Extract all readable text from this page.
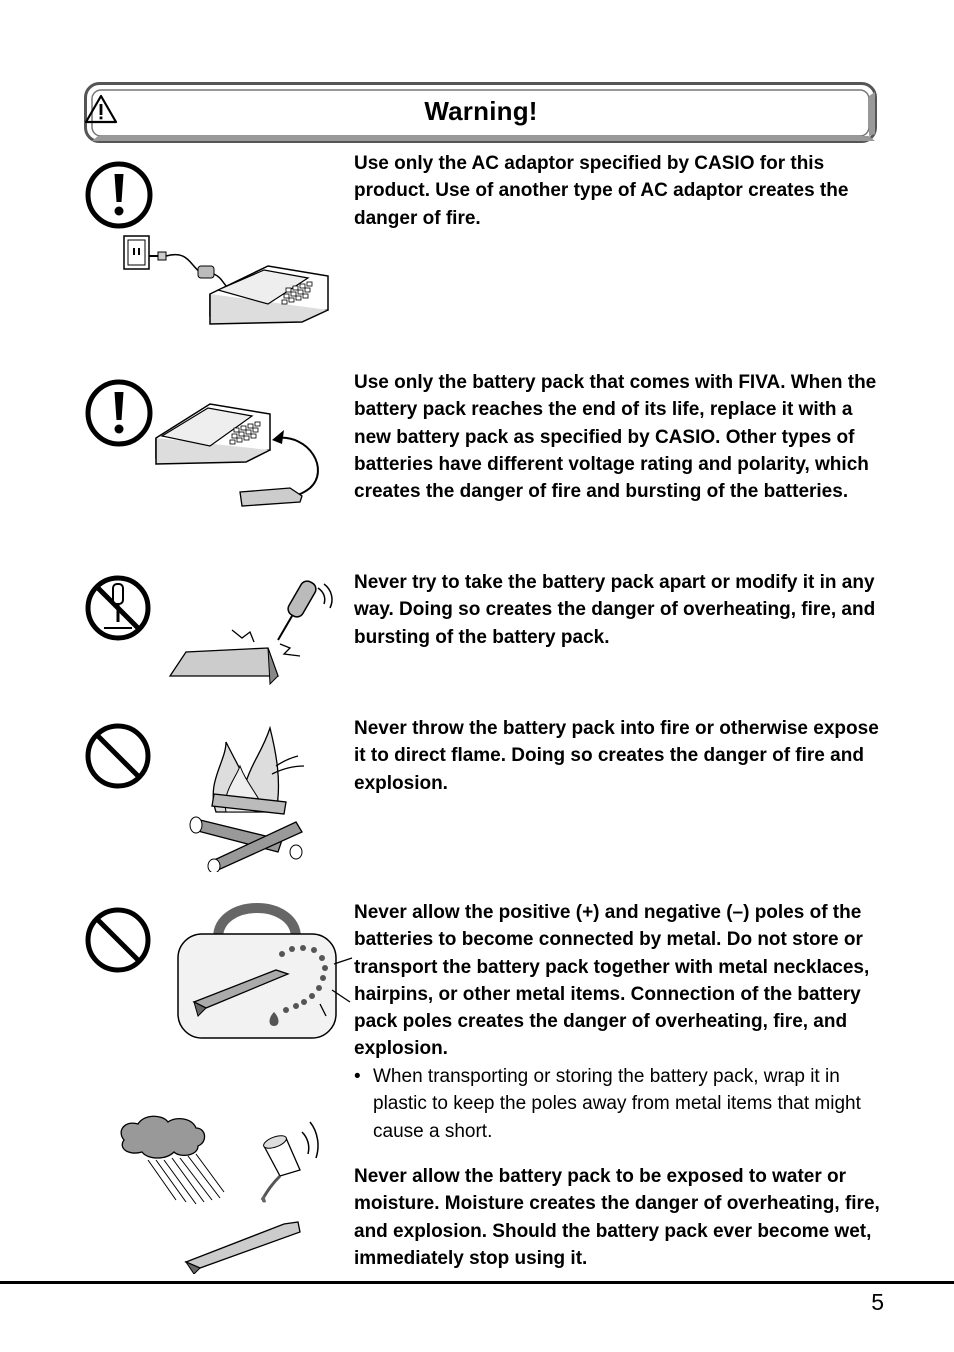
Warning!
Use only the AC adaptor specified by CASIO for this product. Use of another type of AC adaptor creates the danger of fire.
Use only the battery pack that comes with FIVA. When the battery pack reaches the end of its life, replace it with a new battery pack as specified by CASIO. Other types of batteries have different voltage rating and polarity, which creates the danger of fire and bursting of the batteries.
Never try to take the battery pack apart or modify it in any way. Doing so creates the danger of overheating, fire, and bursting of the battery pack.
Never throw the battery pack into fire or otherwise expose it to direct flame. Doing so creates the danger of fire and explosion.
Never allow the positive (+) and negative (–) poles of the batteries to become connected by metal. Do not store or transport the battery pack together with metal necklaces, hairpins, or other metal items. Connection of the battery pack poles creates the danger of overheating, fire, and explosion.
• When transporting or storing the battery pack, wrap it in plastic to keep the poles away from metal items that might cause a short.
Never allow the battery pack to be exposed to water or moisture. Moisture creates the danger of overheating, fire, and explosion. Should the battery pack ever become wet, immediately stop using it.
5
